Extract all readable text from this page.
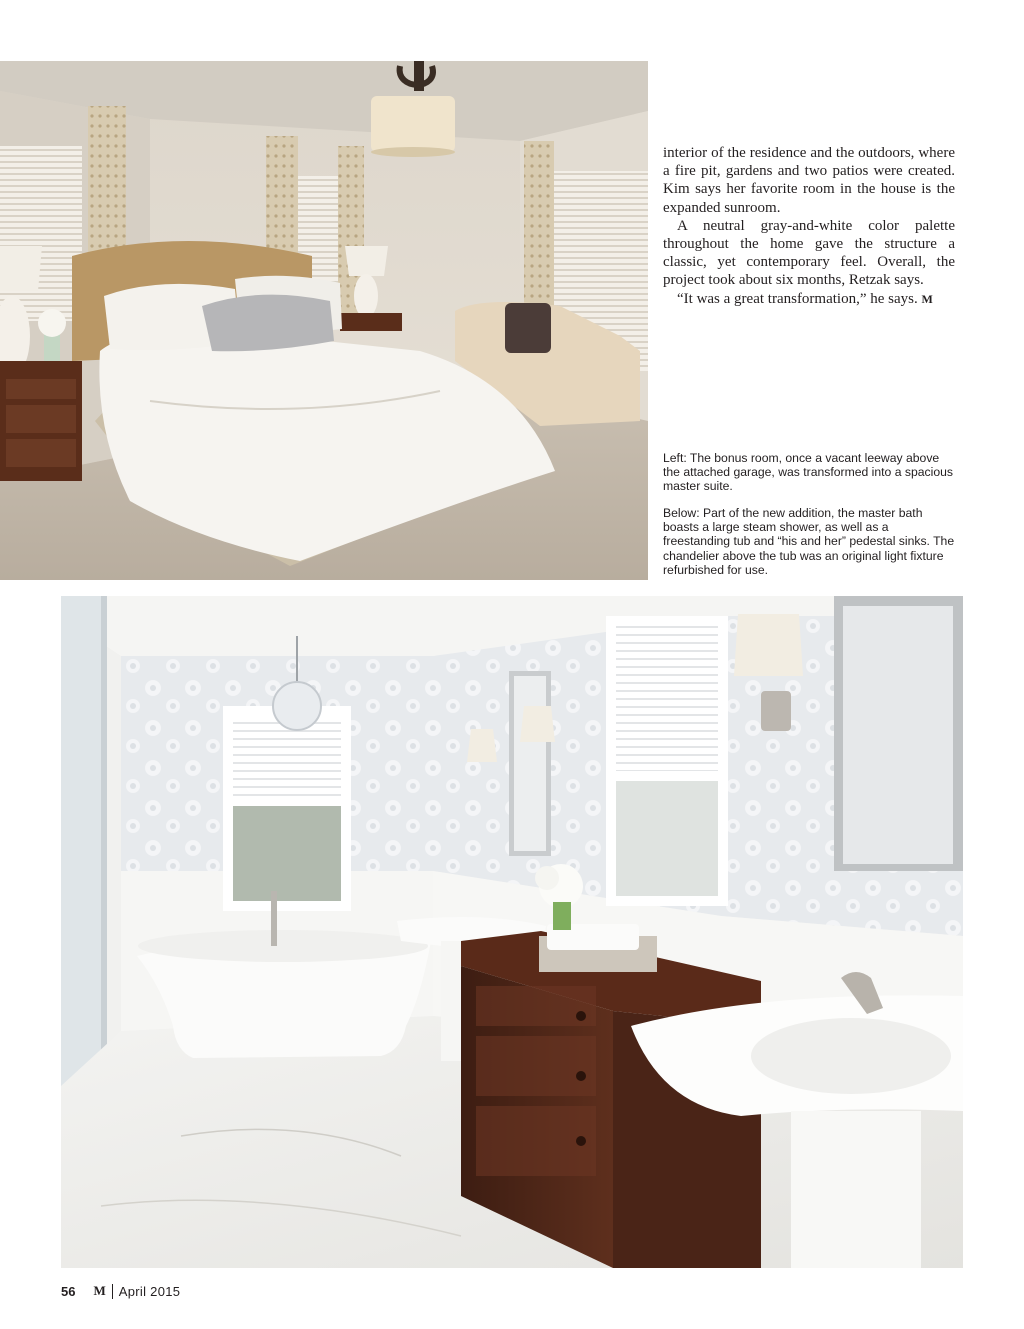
interior of the residence and the outdoors, where a fire pit, gardens and two patios were created. Kim says her favorite room in the house is the expanded sunroom.

A neutral gray-and-white color palette throughout the home gave the structure a classic, yet contemporary feel. Overall, the project took about six months, Retzak says.

“It was a great transformation,” he says. M

Left: The bonus room, once a vacant leeway above the attached garage, was transformed into a spacious master suite.

Below: Part of the new addition, the master bath boasts a large steam shower, as well as a freestanding tub and “his and her” pedestal sinks. The chandelier above the tub was an original light fixture refurbished for use.

56 M April 2015
